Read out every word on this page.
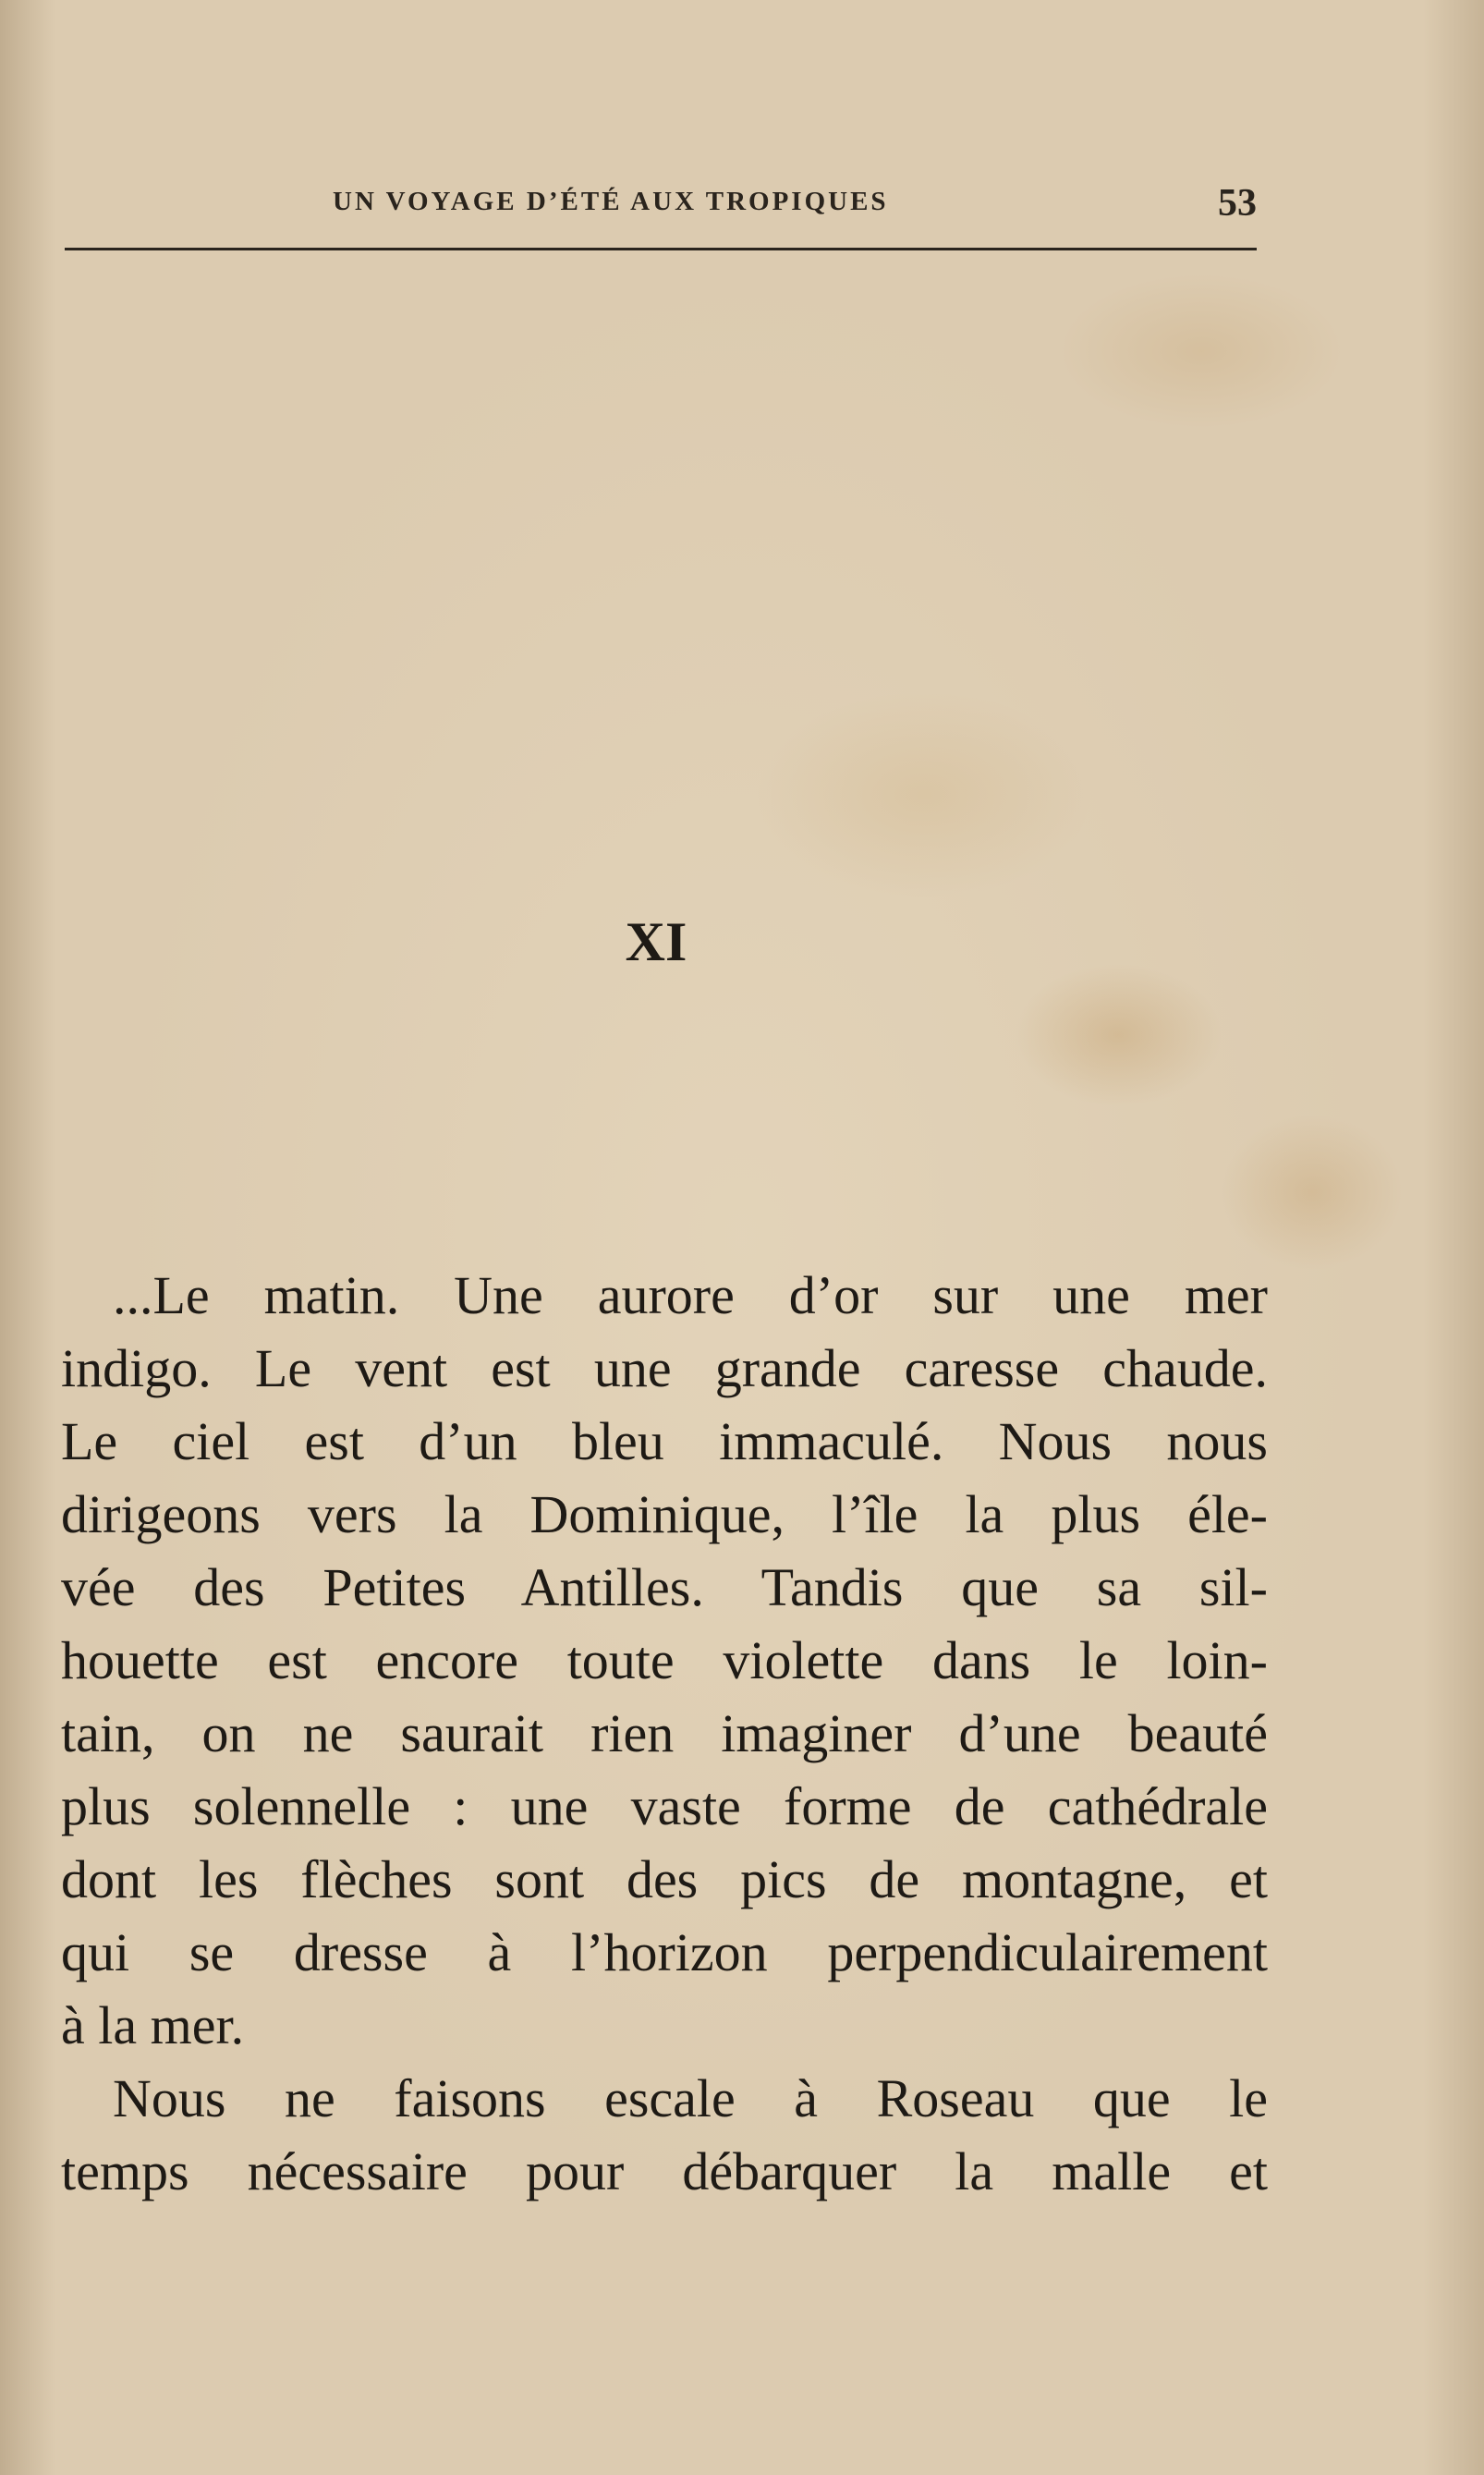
UN VOYAGE D’ÉTÉ AUX TROPIQUES	53
XI
...Le matin. Une aurore d’or sur une mer
indigo. Le vent est une grande caresse chaude.
Le ciel est d’un bleu immaculé. Nous nous
dirigeons vers la Dominique, l’île la plus éle-
vée des Petites Antilles. Tandis que sa sil-
houette est encore toute violette dans le loin-
tain, on ne saurait rien imaginer d’une beauté
plus solennelle : une vaste forme de cathédrale
dont les flèches sont des pics de montagne, et
qui se dresse à l’horizon perpendiculairement
à la mer.
Nous ne faisons escale à Roseau que le
temps nécessaire pour débarquer la malle et
